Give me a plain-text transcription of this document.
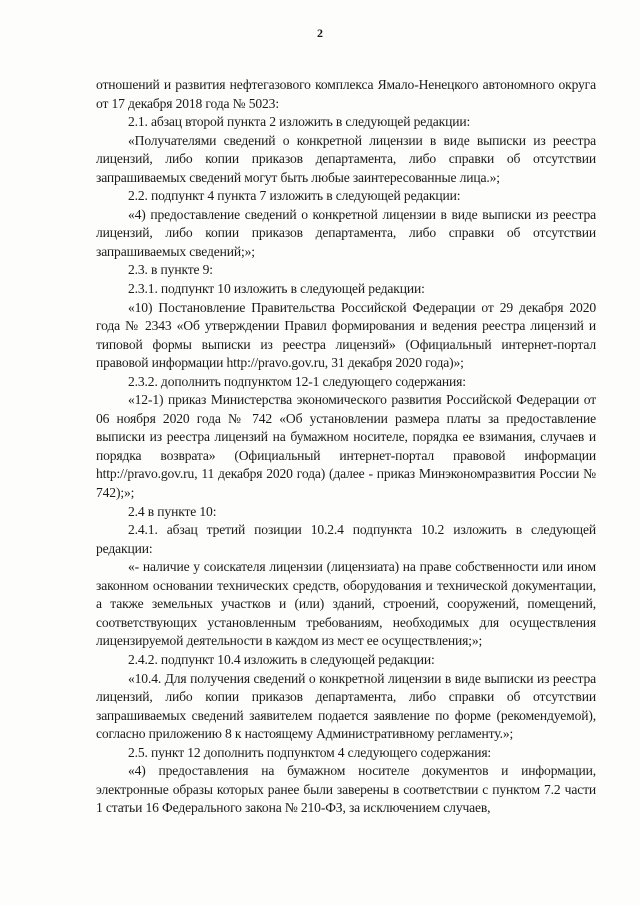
2

отношений и развития нефтегазового комплекса Ямало-Ненецкого автономного округа от 17 декабря 2018 года № 5023:

2.1. абзац второй пункта 2 изложить в следующей редакции:

«Получателями сведений о конкретной лицензии в виде выписки из реестра лицензий, либо копии приказов департамента, либо справки об отсутствии запрашиваемых сведений могут быть любые заинтересованные лица.»;

2.2. подпункт 4 пункта 7 изложить в следующей редакции:

«4) предоставление сведений о конкретной лицензии в виде выписки из реестра лицензий, либо копии приказов департамента, либо справки об отсутствии запрашиваемых сведений;»;

2.3. в пункте 9:

2.3.1. подпункт 10 изложить в следующей редакции:

«10) Постановление Правительства Российской Федерации от 29 декабря 2020 года № 2343 «Об утверждении Правил формирования и ведения реестра лицензий и типовой формы выписки из реестра лицензий» (Официальный интернет-портал правовой информации http://pravo.gov.ru, 31 декабря 2020 года)»;

2.3.2. дополнить подпунктом 12-1 следующего содержания:

«12-1) приказ Министерства экономического развития Российской Федерации от 06 ноября 2020 года № 742 «Об установлении размера платы за предоставление выписки из реестра лицензий на бумажном носителе, порядка ее взимания, случаев и порядка возврата» (Официальный интернет-портал правовой информации http://pravo.gov.ru, 11 декабря 2020 года) (далее - приказ Минэкономразвития России № 742);»;

2.4 в пункте 10:

2.4.1. абзац третий позиции 10.2.4 подпункта 10.2 изложить в следующей редакции:

«- наличие у соискателя лицензии (лицензиата) на праве собственности или ином законном основании технических средств, оборудования и технической документации, а также земельных участков и (или) зданий, строений, сооружений, помещений, соответствующих установленным требованиям, необходимых для осуществления лицензируемой деятельности в каждом из мест ее осуществления;»;

2.4.2. подпункт 10.4 изложить в следующей редакции:

«10.4. Для получения сведений о конкретной лицензии в виде выписки из реестра лицензий, либо копии приказов департамента, либо справки об отсутствии запрашиваемых сведений заявителем подается заявление по форме (рекомендуемой), согласно приложению 8 к настоящему Административному регламенту.»;

2.5. пункт 12 дополнить подпунктом 4 следующего содержания:

«4) предоставления на бумажном носителе документов и информации, электронные образы которых ранее были заверены в соответствии с пунктом 7.2 части 1 статьи 16 Федерального закона № 210-ФЗ, за исключением случаев,
